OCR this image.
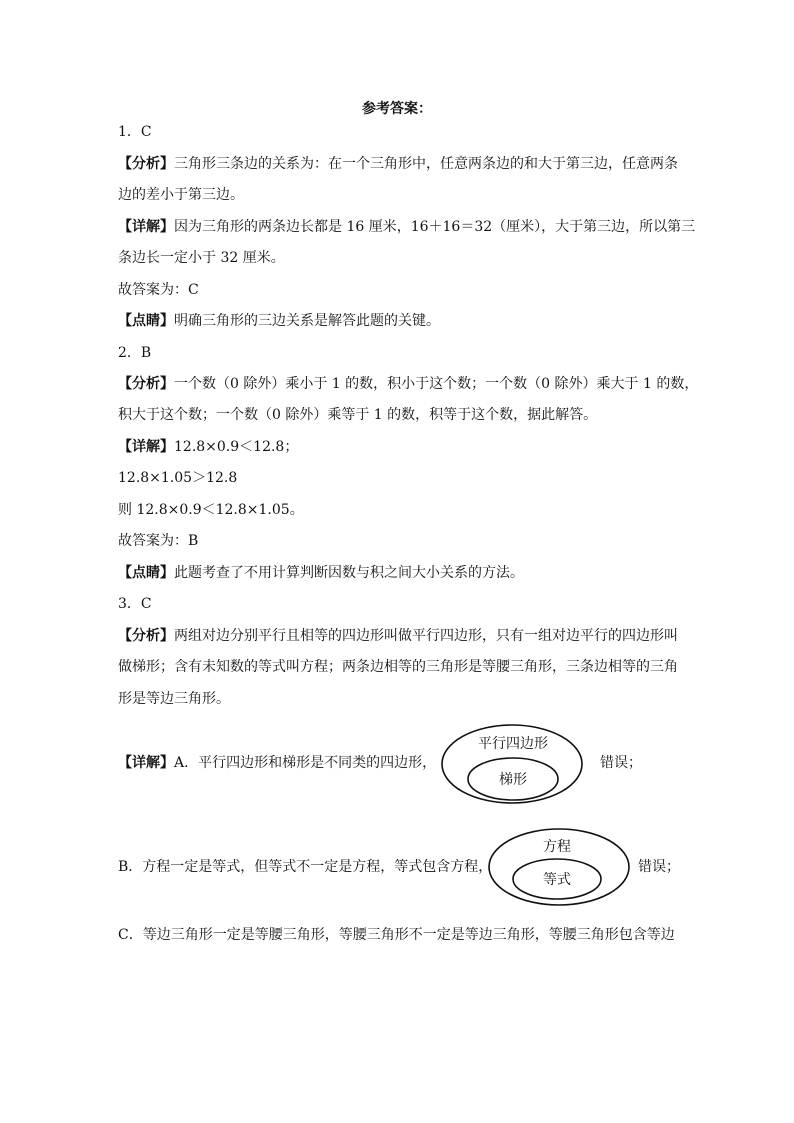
参考答案：
1．C
【分析】三角形三条边的关系为：在一个三角形中，任意两条边的和大于第三边，任意两条
边的差小于第三边。
【详解】因为三角形的两条边长都是 16 厘米，16＋16＝32（厘米），大于第三边，所以第三
条边长一定小于 32 厘米。
故答案为：C
【点睛】明确三角形的三边关系是解答此题的关键。
2．B
【分析】一个数（0 除外）乘小于 1 的数，积小于这个数；一个数（0 除外）乘大于 1 的数，
积大于这个数；一个数（0 除外）乘等于 1 的数，积等于这个数，据此解答。
【详解】12.8×0.9＜12.8；
12.8×1.05＞12.8
则 12.8×0.9＜12.8×1.05。
故答案为：B
【点睛】此题考查了不用计算判断因数与积之间大小关系的方法。
3．C
【分析】两组对边分别平行且相等的四边形叫做平行四边形，只有一组对边平行的四边形叫
做梯形；含有未知数的等式叫方程；两条边相等的三角形是等腰三角形，三条边相等的三角
形是等边三角形。
【详解】A．平行四边形和梯形是不同类的四边形，
平行四边形
梯形
错误；
B．方程一定是等式，但等式不一定是方程，等式包含方程，
方程
等式
错误；
C．等边三角形一定是等腰三角形，等腰三角形不一定是等边三角形，等腰三角形包含等边
